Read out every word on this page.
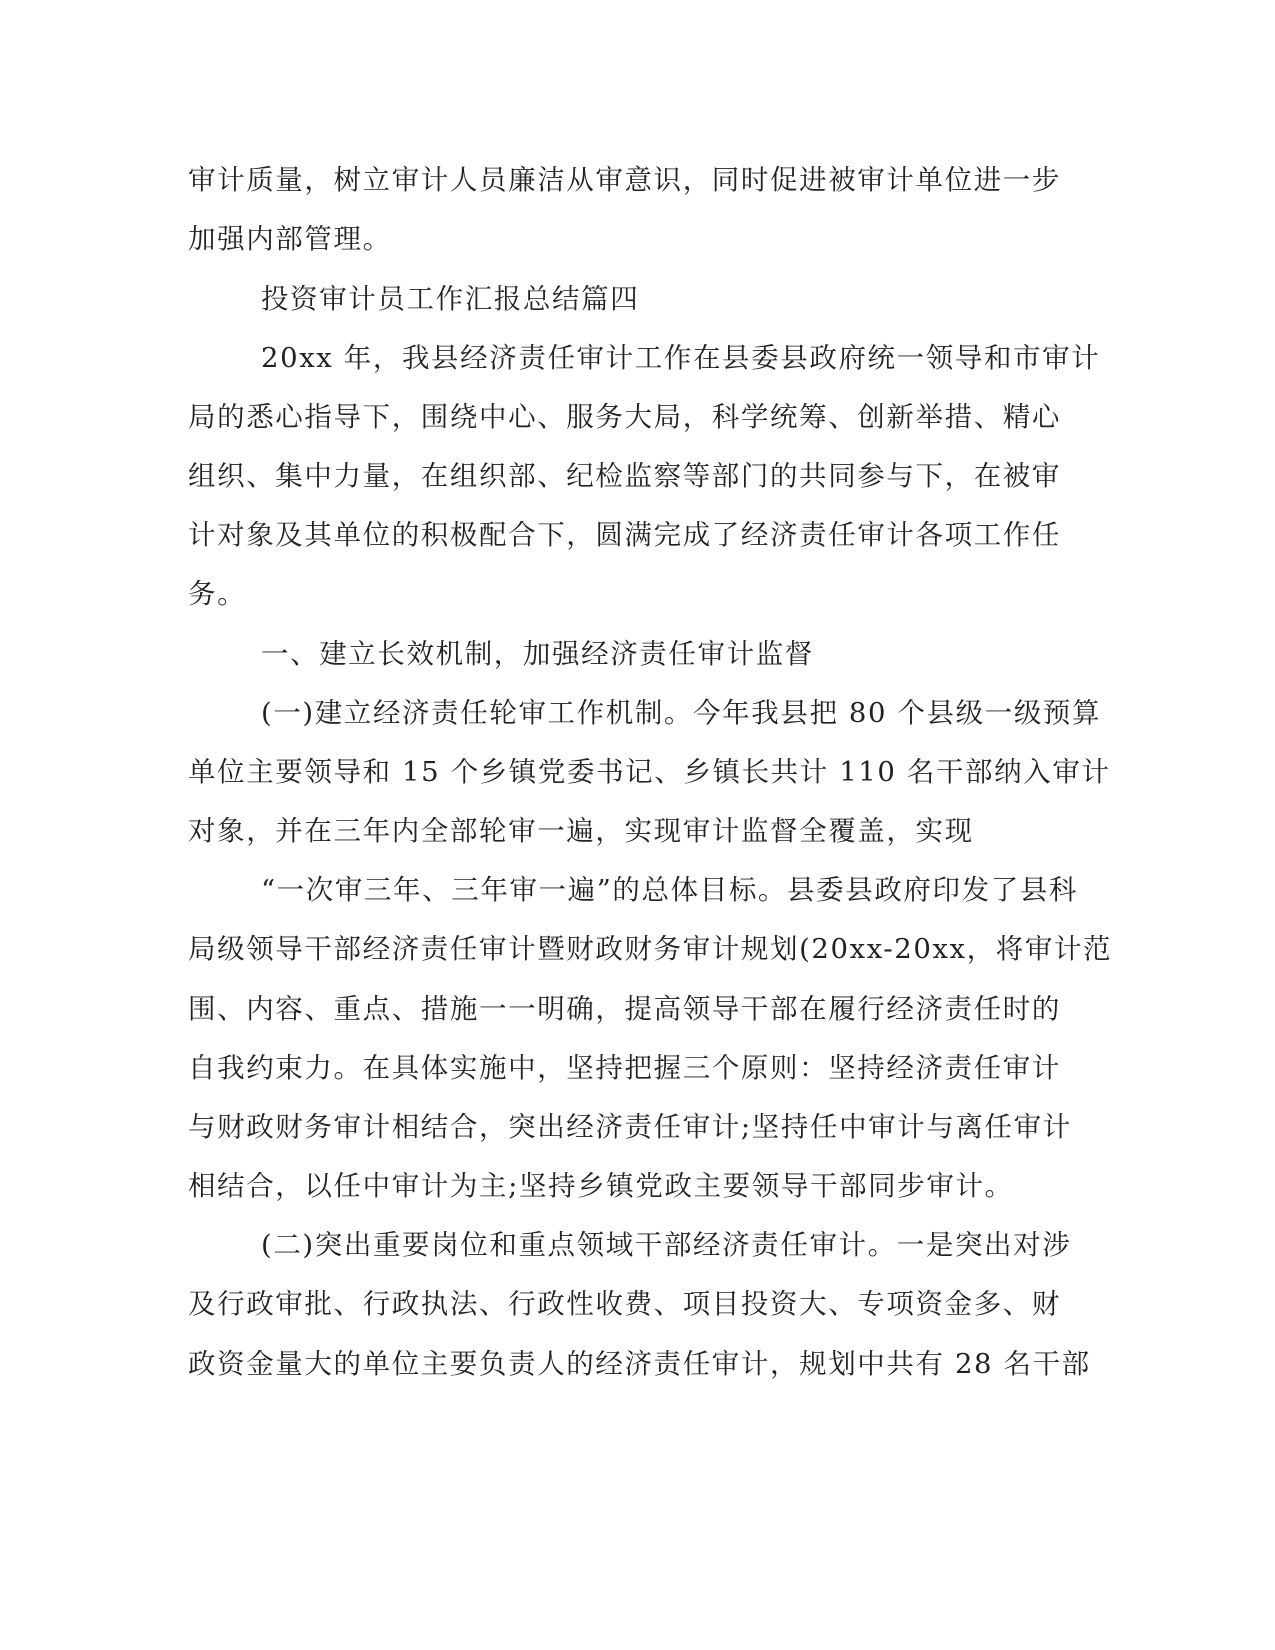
审计质量，树立审计人员廉洁从审意识，同时促进被审计单位进一步
加强内部管理。
投资审计员工作汇报总结篇四
20xx 年，我县经济责任审计工作在县委县政府统一领导和市审计
局的悉心指导下，围绕中心、服务大局，科学统筹、创新举措、精心
组织、集中力量，在组织部、纪检监察等部门的共同参与下，在被审
计对象及其单位的积极配合下，圆满完成了经济责任审计各项工作任
务。
一、建立长效机制，加强经济责任审计监督
(一)建立经济责任轮审工作机制。今年我县把 80 个县级一级预算
单位主要领导和 15 个乡镇党委书记、乡镇长共计 110 名干部纳入审计
对象，并在三年内全部轮审一遍，实现审计监督全覆盖，实现
“一次审三年、三年审一遍”的总体目标。县委县政府印发了县科
局级领导干部经济责任审计暨财政财务审计规划(20xx-20xx，将审计范
围、内容、重点、措施一一明确，提高领导干部在履行经济责任时的
自我约束力。在具体实施中，坚持把握三个原则：坚持经济责任审计
与财政财务审计相结合，突出经济责任审计;坚持任中审计与离任审计
相结合，以任中审计为主;坚持乡镇党政主要领导干部同步审计。
(二)突出重要岗位和重点领域干部经济责任审计。一是突出对涉
及行政审批、行政执法、行政性收费、项目投资大、专项资金多、财
政资金量大的单位主要负责人的经济责任审计，规划中共有 28 名干部
